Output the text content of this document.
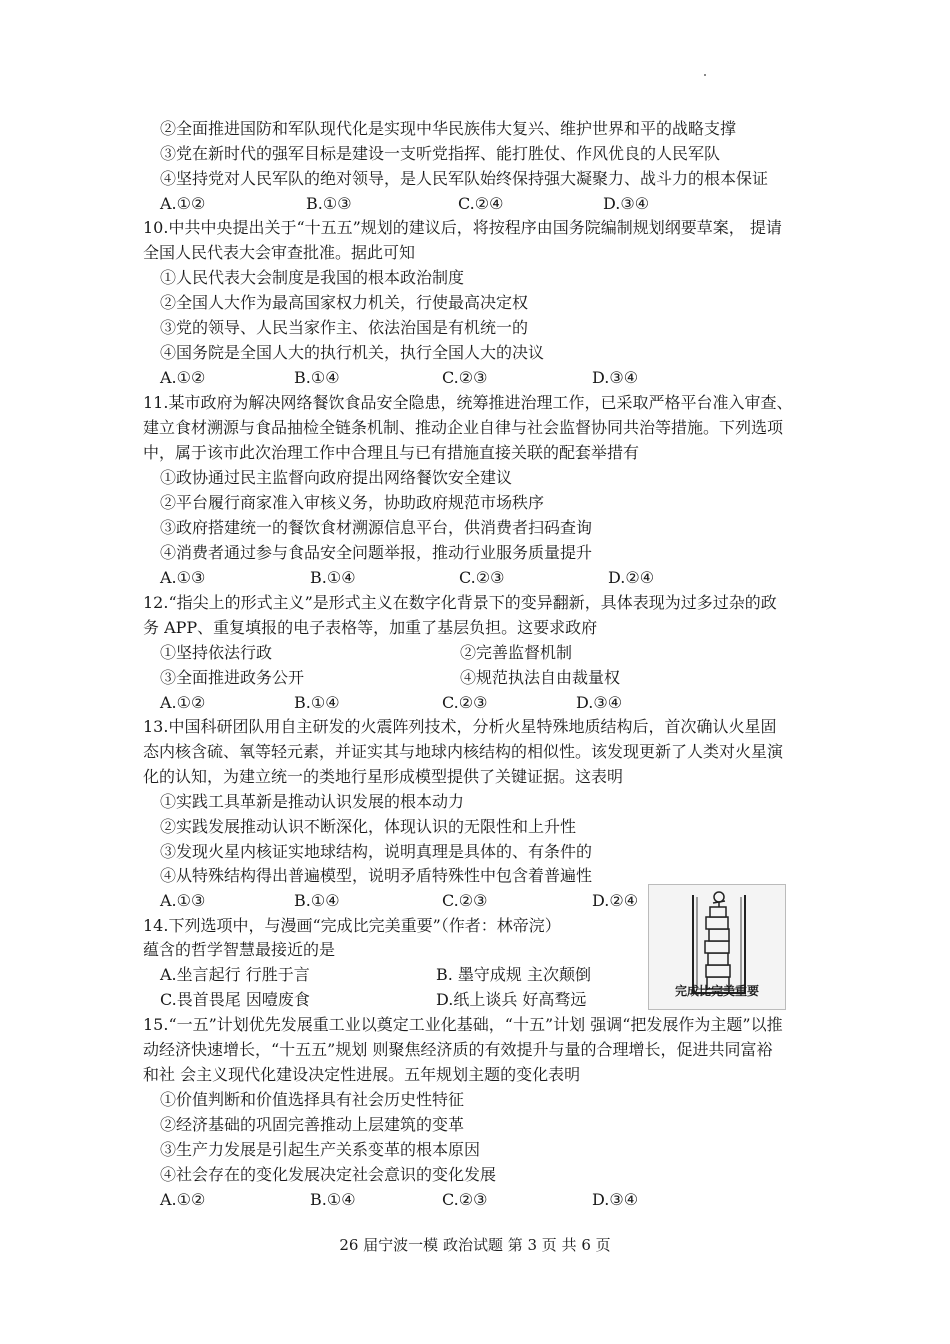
②全面推进国防和军队现代化是实现中华民族伟大复兴、维护世界和平的战略支撑
③党在新时代的强军目标是建设一支听党指挥、能打胜仗、作风优良的人民军队
④坚持党对人民军队的绝对领导，是人民军队始终保持强大凝聚力、战斗力的根本保证
A.①②	B.①③	C.②④	D.③④
10.中共中央提出关于“十五五”规划的建议后，将按程序由国务院编制规划纲要草案， 提请
全国人民代表大会审查批准。据此可知
①人民代表大会制度是我国的根本政治制度
②全国人大作为最高国家权力机关，行使最高决定权
③党的领导、人民当家作主、依法治国是有机统一的
④国务院是全国人大的执行机关，执行全国人大的决议
A.①②	B.①④	C.②③	D.③④
11.某市政府为解决网络餐饮食品安全隐患，统筹推进治理工作，已采取严格平台准入审查、
建立食材溯源与食品抽检全链条机制、推动企业自律与社会监督协同共治等措施。下列选项
中，属于该市此次治理工作中合理且与已有措施直接关联的配套举措有
①政协通过民主监督向政府提出网络餐饮安全建议
②平台履行商家准入审核义务，协助政府规范市场秩序
③政府搭建统一的餐饮食材溯源信息平台，供消费者扫码查询
④消费者通过参与食品安全问题举报，推动行业服务质量提升
A.①③	B.①④	C.②③	D.②④
12.“指尖上的形式主义”是形式主义在数字化背景下的变异翻新，具体表现为过多过杂的政
务 APP、重复填报的电子表格等，加重了基层负担。这要求政府
①坚持依法行政	②完善监督机制
③全面推进政务公开	④规范执法自由裁量权
A.①②	B.①④	C.②③	D.③④
13.中国科研团队用自主研发的火震阵列技术，分析火星特殊地质结构后，首次确认火星固
态内核含硫、氧等轻元素，并证实其与地球内核结构的相似性。该发现更新了人类对火星演
化的认知，为建立统一的类地行星形成模型提供了关键证据。这表明
①实践工具革新是推动认识发展的根本动力
②实践发展推动认识不断深化，体现认识的无限性和上升性
③发现火星内核证实地球结构，说明真理是具体的、有条件的
④从特殊结构得出普遍模型，说明矛盾特殊性中包含着普遍性
A.①③	B.①④	C.②③	D.②④
14.下列选项中，与漫画“完成比完美重要”（作者：林帝浣）
蕴含的哲学智慧最接近的是
A.坐言起行 行胜于言	B. 墨守成规 主次颠倒
C.畏首畏尾 因噎废食	D.纸上谈兵 好高骛远	完成比完美重要
15.“一五”计划优先发展重工业以奠定工业化基础，“十五”计划 强调“把发展作为主题”以推
动经济快速增长，“十五五”规划 则聚焦经济质的有效提升与量的合理增长，促进共同富裕
和社 会主义现代化建设决定性进展。五年规划主题的变化表明
①价值判断和价值选择具有社会历史性特征
②经济基础的巩固完善推动上层建筑的变革
③生产力发展是引起生产关系变革的根本原因
④社会存在的变化发展决定社会意识的变化发展
A.①②	B.①④	C.②③	D.③④
26 届宁波一模 政治试题 第 3 页 共 6 页
